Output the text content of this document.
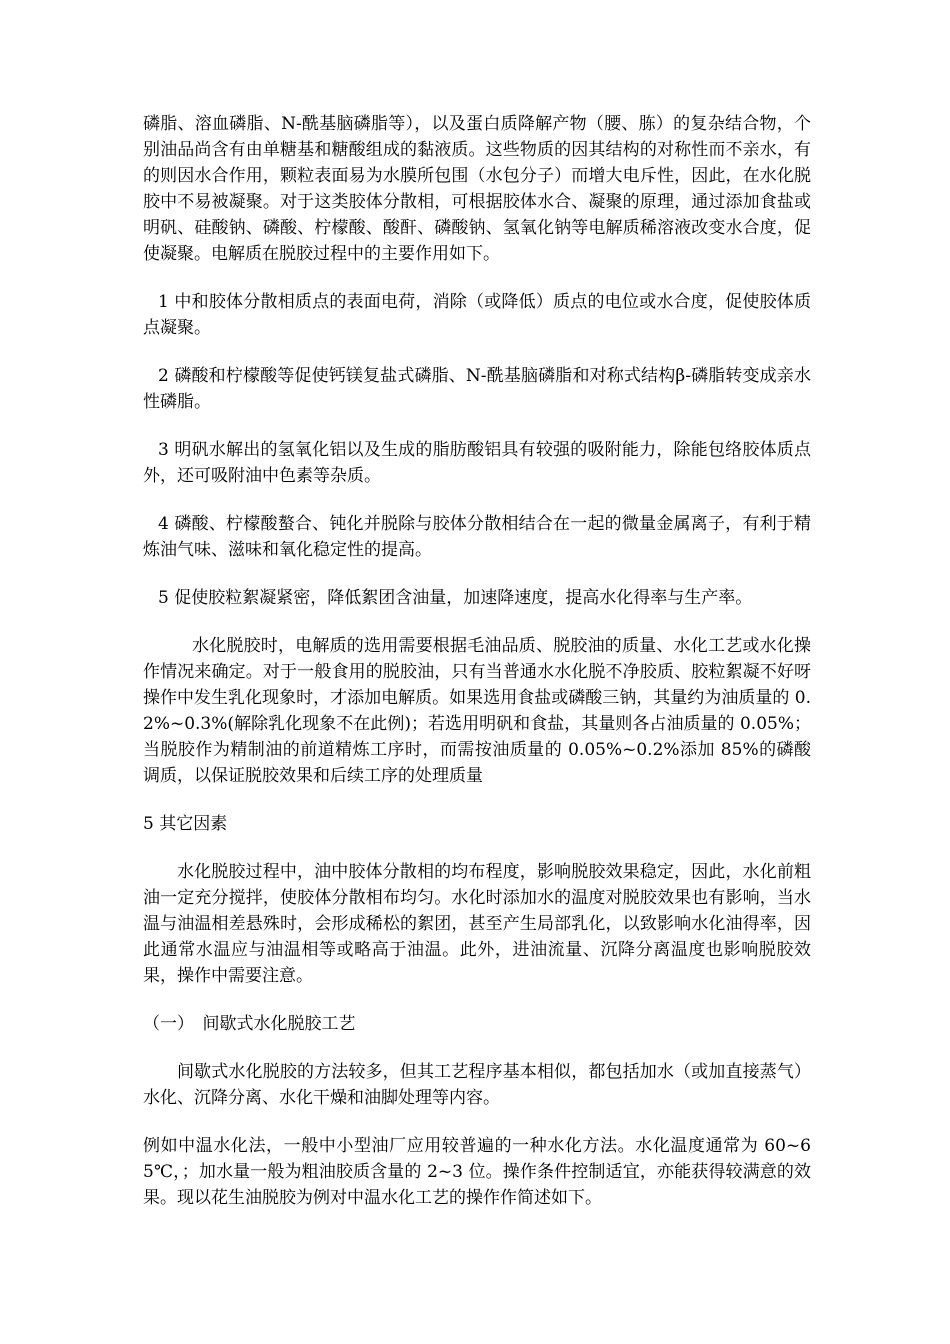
磷脂、溶血磷脂、N-酰基脑磷脂等），以及蛋白质降解产物（腰、胨）的复杂结合物，个别油品尚含有由单糖基和糖酸组成的黏液质。这些物质的因其结构的对称性而不亲水，有的则因水合作用，颗粒表面易为水膜所包围（水包分子）而增大电斥性，因此，在水化脱胶中不易被凝聚。对于这类胶体分散相，可根据胶体水合、凝聚的原理，通过添加食盐或明矾、硅酸钠、磷酸、柠檬酸、酸酐、磷酸钠、氢氧化钠等电解质稀溶液改变水合度，促使凝聚。电解质在脱胶过程中的主要作用如下。

1 中和胶体分散相质点的表面电荷，消除（或降低）质点的电位或水合度，促使胶体质点凝聚。

2 磷酸和柠檬酸等促使钙镁复盐式磷脂、N-酰基脑磷脂和对称式结构β-磷脂转变成亲水性磷脂。

3 明矾水解出的氢氧化铝以及生成的脂肪酸铝具有较强的吸附能力，除能包络胶体质点外，还可吸附油中色素等杂质。

4 磷酸、柠檬酸螯合、钝化并脱除与胶体分散相结合在一起的微量金属离子，有利于精炼油气味、滋味和氧化稳定性的提高。

5 促使胶粒絮凝紧密，降低絮团含油量，加速降速度，提高水化得率与生产率。

水化脱胶时，电解质的选用需要根据毛油品质、脱胶油的质量、水化工艺或水化操作情况来确定。对于一般食用的脱胶油，只有当普通水水化脱不净胶质、胶粒絮凝不好呀操作中发生乳化现象时，才添加电解质。如果选用食盐或磷酸三钠，其量约为油质量的 0.2%~0.3%(解除乳化现象不在此例)；若选用明矾和食盐，其量则各占油质量的 0.05%；当脱胶作为精制油的前道精炼工序时，而需按油质量的 0.05%~0.2%添加 85%的磷酸调质，以保证脱胶效果和后续工序的处理质量

5 其它因素

水化脱胶过程中，油中胶体分散相的均布程度，影响脱胶效果稳定，因此，水化前粗油一定充分搅拌，使胶体分散相布均匀。水化时添加水的温度对脱胶效果也有影响，当水温与油温相差悬殊时，会形成稀松的絮团，甚至产生局部乳化，以致影响水化油得率，因此通常水温应与油温相等或略高于油温。此外，进油流量、沉降分离温度也影响脱胶效果，操作中需要注意。

（一）　间歇式水化脱胶工艺

间歇式水化脱胶的方法较多，但其工艺程序基本相似，都包括加水（或加直接蒸气）水化、沉降分离、水化干燥和油脚处理等内容。

例如中温水化法，一般中小型油厂应用较普遍的一种水化方法。水化温度通常为 60~65℃，；加水量一般为粗油胶质含量的 2~3 位。操作条件控制适宜，亦能获得较满意的效果。现以花生油脱胶为例对中温水化工艺的操作作简述如下。
